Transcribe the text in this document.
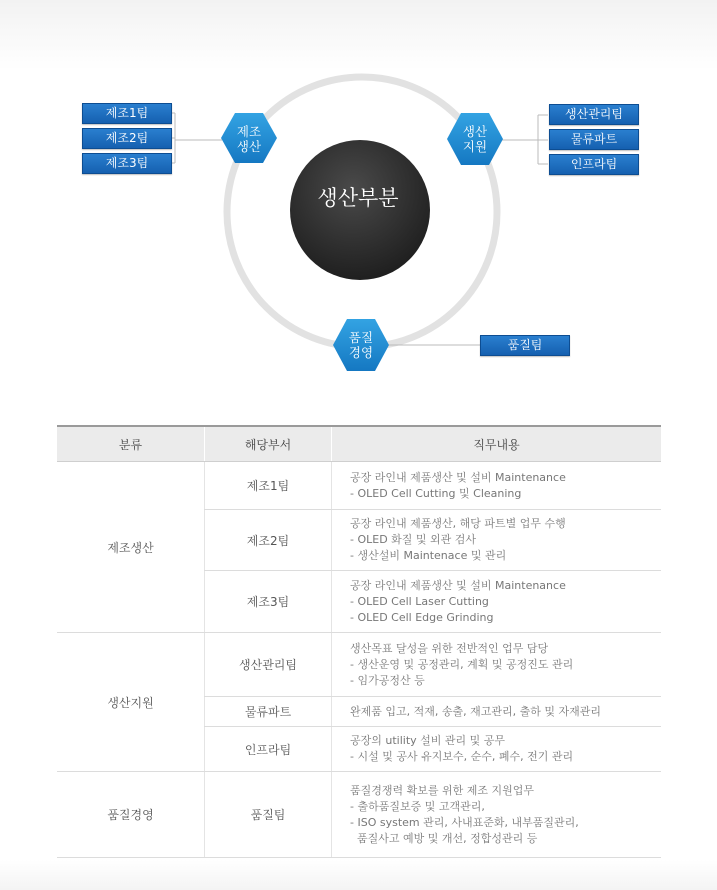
생산부분
제조
생산
생산
지원
품질
경영
제조1팀
제조2팀
제조3팀
생산관리팀
물류파트
인프라팀
품질팀
분류	해당부서	직무내용
제조생산	제조1팀	공장 라인내 제품생산 및 설비 Maintenance
- OLED Cell Cutting 및 Cleaning

	제조2팀	공장 라인내 제품생산, 해당 파트별 업무 수행
- OLED 화질 및 외관 검사
- 생산설비 Maintenace 및 관리

	제조3팀	공장 라인내 제품생산 및 설비 Maintenance
- OLED Cell Laser Cutting
- OLED Cell Edge Grinding

생산지원	생산관리팀	생산목표 달성을 위한 전반적인 업무 담당
- 생산운영 및 공정관리, 계획 및 공정진도 관리
- 임가공정산 등

	물류파트	완제품 입고, 적재, 송출, 재고관리, 출하 및 자재관리

	인프라팀	공장의 utility 설비 관리 및 공무
- 시설 및 공사 유지보수, 순수, 폐수, 전기 관리

품질경영	품질팀	품질경쟁력 확보를 위한 제조 지원업무
- 출하품질보증 및 고객관리,
- ISO system 관리, 사내표준화, 내부품질관리,
품질사고 예방 및 개선, 정합성관리 등
